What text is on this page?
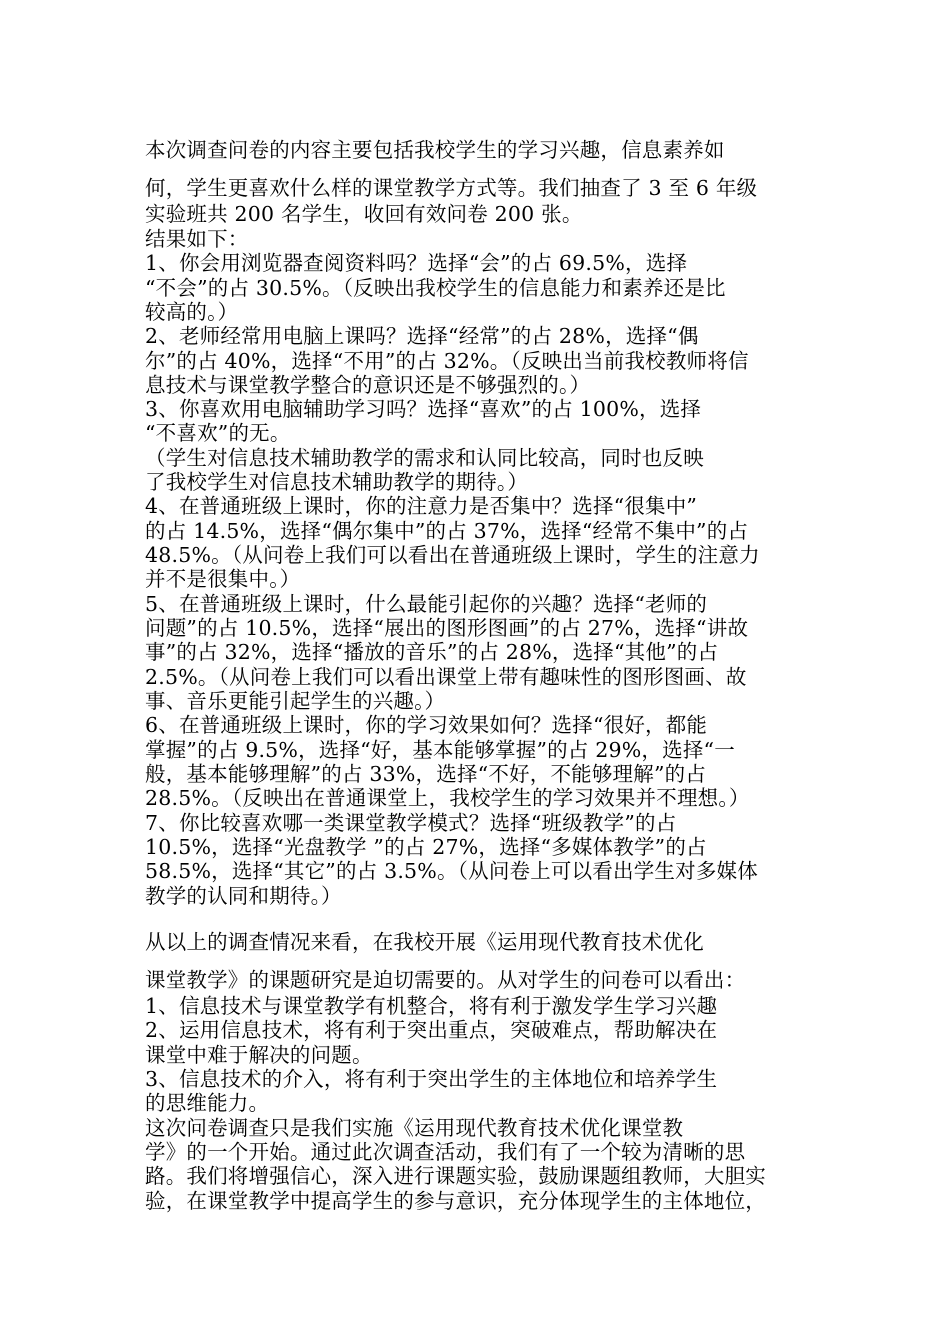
本次调查问卷的内容主要包括我校学生的学习兴趣，信息素养如
何，学生更喜欢什么样的课堂教学方式等。我们抽查了 3 至 6 年级
实验班共 200 名学生，收回有效问卷 200 张。
结果如下：
1、你会用浏览器查阅资料吗？选择“会”的占 69.5%，选择
“不会”的占 30.5%。（反映出我校学生的信息能力和素养还是比
较高的。）
2、老师经常用电脑上课吗？选择“经常”的占 28%，选择“偶
尔”的占 40%，选择“不用”的占 32%。（反映出当前我校教师将信
息技术与课堂教学整合的意识还是不够强烈的。）
3、你喜欢用电脑辅助学习吗？选择“喜欢”的占 100%，选择
“不喜欢”的无。
（学生对信息技术辅助教学的需求和认同比较高，同时也反映
了我校学生对信息技术辅助教学的期待。）
4、在普通班级上课时，你的注意力是否集中？选择“很集中”
的占 14.5%，选择“偶尔集中”的占 37%，选择“经常不集中”的占
48.5%。（从问卷上我们可以看出在普通班级上课时，学生的注意力
并不是很集中。）
5、在普通班级上课时，什么最能引起你的兴趣？选择“老师的
问题”的占 10.5%，选择“展出的图形图画”的占 27%，选择“讲故
事”的占 32%，选择“播放的音乐”的占 28%，选择“其他”的占
2.5%。（从问卷上我们可以看出课堂上带有趣味性的图形图画、故
事、音乐更能引起学生的兴趣。）
6、在普通班级上课时，你的学习效果如何？选择“很好，都能
掌握”的占 9.5%，选择“好，基本能够掌握”的占 29%，选择“一
般，基本能够理解”的占 33%，选择“不好，不能够理解”的占
28.5%。（反映出在普通课堂上，我校学生的学习效果并不理想。）
7、你比较喜欢哪一类课堂教学模式？选择“班级教学”的占
10.5%，选择“光盘教学 ”的占 27%，选择“多媒体教学”的占
58.5%，选择“其它”的占 3.5%。（从问卷上可以看出学生对多媒体
教学的认同和期待。）
从以上的调查情况来看，在我校开展《运用现代教育技术优化
课堂教学》的课题研究是迫切需要的。从对学生的问卷可以看出：
1、信息技术与课堂教学有机整合，将有利于激发学生学习兴趣
2、运用信息技术，将有利于突出重点，突破难点，帮助解决在
课堂中难于解决的问题。
3、信息技术的介入，将有利于突出学生的主体地位和培养学生
的思维能力。
这次问卷调查只是我们实施《运用现代教育技术优化课堂教
学》的一个开始。通过此次调查活动，我们有了一个较为清晰的思
路。我们将增强信心，深入进行课题实验，鼓励课题组教师，大胆实
验，在课堂教学中提高学生的参与意识，充分体现学生的主体地位，
